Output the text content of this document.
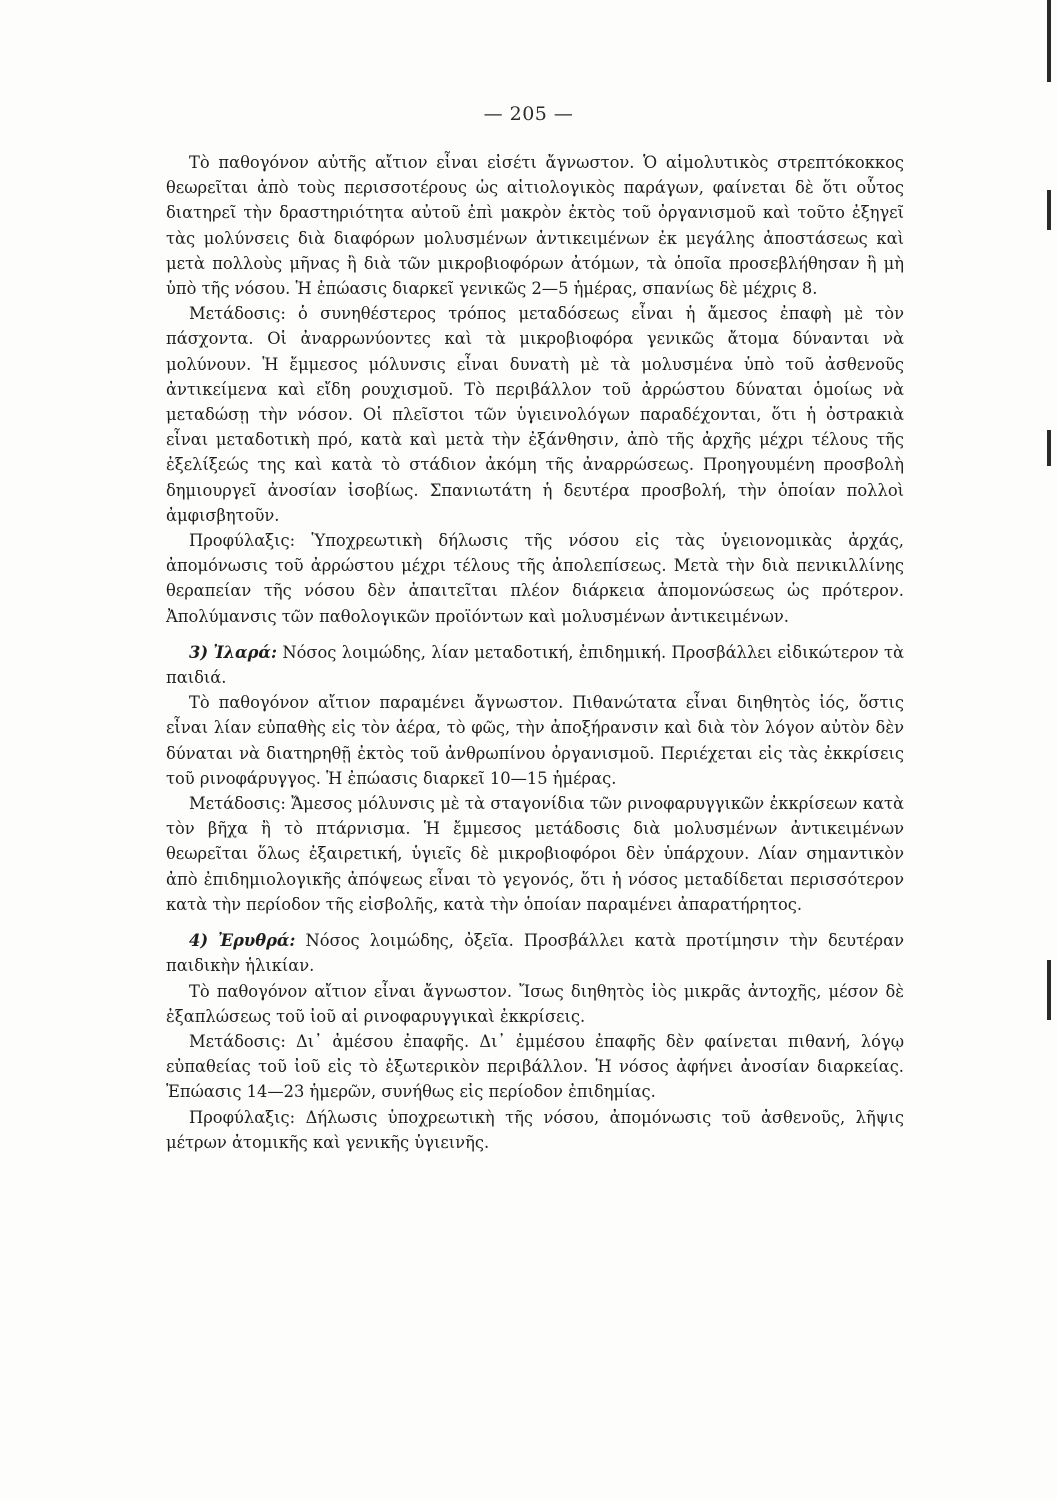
— 205 —

Τὸ παθογόνον αὐτῆς αἴτιον εἶναι εἰσέτι ἄγνωστον. Ὁ αἱμολυτικὸς στρεπτόκοκκος θεωρεῖται ἀπὸ τοὺς περισσοτέρους ὡς αἰτιολογικὸς παράγων, φαίνεται δὲ ὅτι οὗτος διατηρεῖ τὴν δραστηριότητα αὐτοῦ ἐπὶ μακρὸν ἐκτὸς τοῦ ὀργανισμοῦ καὶ τοῦτο ἐξηγεῖ τὰς μολύνσεις διὰ διαφόρων μολυσμένων ἀντικειμένων ἐκ μεγάλης ἀποστάσεως καὶ μετὰ πολλοὺς μῆνας ἢ διὰ τῶν μικροβιοφόρων ἀτόμων, τὰ ὁποῖα προσεβλήθησαν ἢ μὴ ὑπὸ τῆς νόσου. Ἡ ἐπώασις διαρκεῖ γενικῶς 2—5 ἡμέρας, σπανίως δὲ μέχρις 8.

Μετάδοσις: ὁ συνηθέστερος τρόπος μεταδόσεως εἶναι ἡ ἄμεσος ἐπαφὴ μὲ τὸν πάσχοντα. Οἱ ἀναρρωνύοντες καὶ τὰ μικροβιοφόρα γενικῶς ἄτομα δύνανται νὰ μολύνουν. Ἡ ἔμμεσος μόλυνσις εἶναι δυνατὴ μὲ τὰ μολυσμένα ὑπὸ τοῦ ἀσθενοῦς ἀντικείμενα καὶ εἴδη ρουχισμοῦ. Τὸ περιβάλλον τοῦ ἀρρώστου δύναται ὁμοίως νὰ μεταδώσῃ τὴν νόσον. Οἱ πλεῖστοι τῶν ὑγιεινολόγων παραδέχονται, ὅτι ἡ ὀστρακιὰ εἶναι μεταδοτικὴ πρό, κατὰ καὶ μετὰ τὴν ἐξάνθησιν, ἀπὸ τῆς ἀρχῆς μέχρι τέλους τῆς ἐξελίξεώς της καὶ κατὰ τὸ στάδιον ἀκόμη τῆς ἀναρρώσεως. Προηγουμένη προσβολὴ δημιουργεῖ ἀνοσίαν ἰσοβίως. Σπανιωτάτη ἡ δευτέρα προσβολή, τὴν ὁποίαν πολλοὶ ἀμφισβητοῦν.

Προφύλαξις: Ὑποχρεωτικὴ δήλωσις τῆς νόσου εἰς τὰς ὑγειονομικὰς ἀρχάς, ἀπομόνωσις τοῦ ἀρρώστου μέχρι τέλους τῆς ἀπολεπίσεως. Μετὰ τὴν διὰ πενικιλλίνης θεραπείαν τῆς νόσου δὲν ἀπαιτεῖται πλέον διάρκεια ἀπομονώσεως ὡς πρότερον. Ἀπολύμανσις τῶν παθολογικῶν προϊόντων καὶ μολυσμένων ἀντικειμένων.

3) Ἰλαρά: Νόσος λοιμώδης, λίαν μεταδοτική, ἐπιδημική. Προσβάλλει εἰδικώτερον τὰ παιδιά.

Τὸ παθογόνον αἴτιον παραμένει ἄγνωστον. Πιθανώτατα εἶναι διηθητὸς ἰός, ὅστις εἶναι λίαν εὐπαθὴς εἰς τὸν ἀέρα, τὸ φῶς, τὴν ἀποξήρανσιν καὶ διὰ τὸν λόγον αὐτὸν δὲν δύναται νὰ διατηρηθῇ ἐκτὸς τοῦ ἀνθρωπίνου ὀργανισμοῦ. Περιέχεται εἰς τὰς ἐκκρίσεις τοῦ ρινοφάρυγγος. Ἡ ἐπώασις διαρκεῖ 10—15 ἡμέρας.

Μετάδοσις: Ἄμεσος μόλυνσις μὲ τὰ σταγονίδια τῶν ρινοφαρυγγικῶν ἐκκρίσεων κατὰ τὸν βῆχα ἢ τὸ πτάρνισμα. Ἡ ἔμμεσος μετάδοσις διὰ μολυσμένων ἀντικειμένων θεωρεῖται ὅλως ἐξαιρετική, ὑγιεῖς δὲ μικροβιοφόροι δὲν ὑπάρχουν. Λίαν σημαντικὸν ἀπὸ ἐπιδημιολογικῆς ἀπόψεως εἶναι τὸ γεγονός, ὅτι ἡ νόσος μεταδίδεται περισσότερον κατὰ τὴν περίοδον τῆς εἰσβολῆς, κατὰ τὴν ὁποίαν παραμένει ἀπαρατήρητος.

4) Ἐρυθρά: Νόσος λοιμώδης, ὀξεῖα. Προσβάλλει κατὰ προτίμησιν τὴν δευτέραν παιδικὴν ἡλικίαν.

Τὸ παθογόνον αἴτιον εἶναι ἄγνωστον. Ἴσως διηθητὸς ἰὸς μικρᾶς ἀντοχῆς, μέσον δὲ ἐξαπλώσεως τοῦ ἰοῦ αἱ ρινοφαρυγγικαὶ ἐκκρίσεις.

Μετάδοσις: Δι᾽ ἀμέσου ἐπαφῆς. Δι᾽ ἐμμέσου ἐπαφῆς δὲν φαίνεται πιθανή, λόγῳ εὐπαθείας τοῦ ἰοῦ εἰς τὸ ἐξωτερικὸν περιβάλλον. Ἡ νόσος ἀφήνει ἀνοσίαν διαρκείας. Ἐπώασις 14—23 ἡμερῶν, συνήθως εἰς περίοδον ἐπιδημίας.

Προφύλαξις: Δήλωσις ὑποχρεωτικὴ τῆς νόσου, ἀπομόνωσις τοῦ ἀσθενοῦς, λῆψις μέτρων ἀτομικῆς καὶ γενικῆς ὑγιεινῆς.
